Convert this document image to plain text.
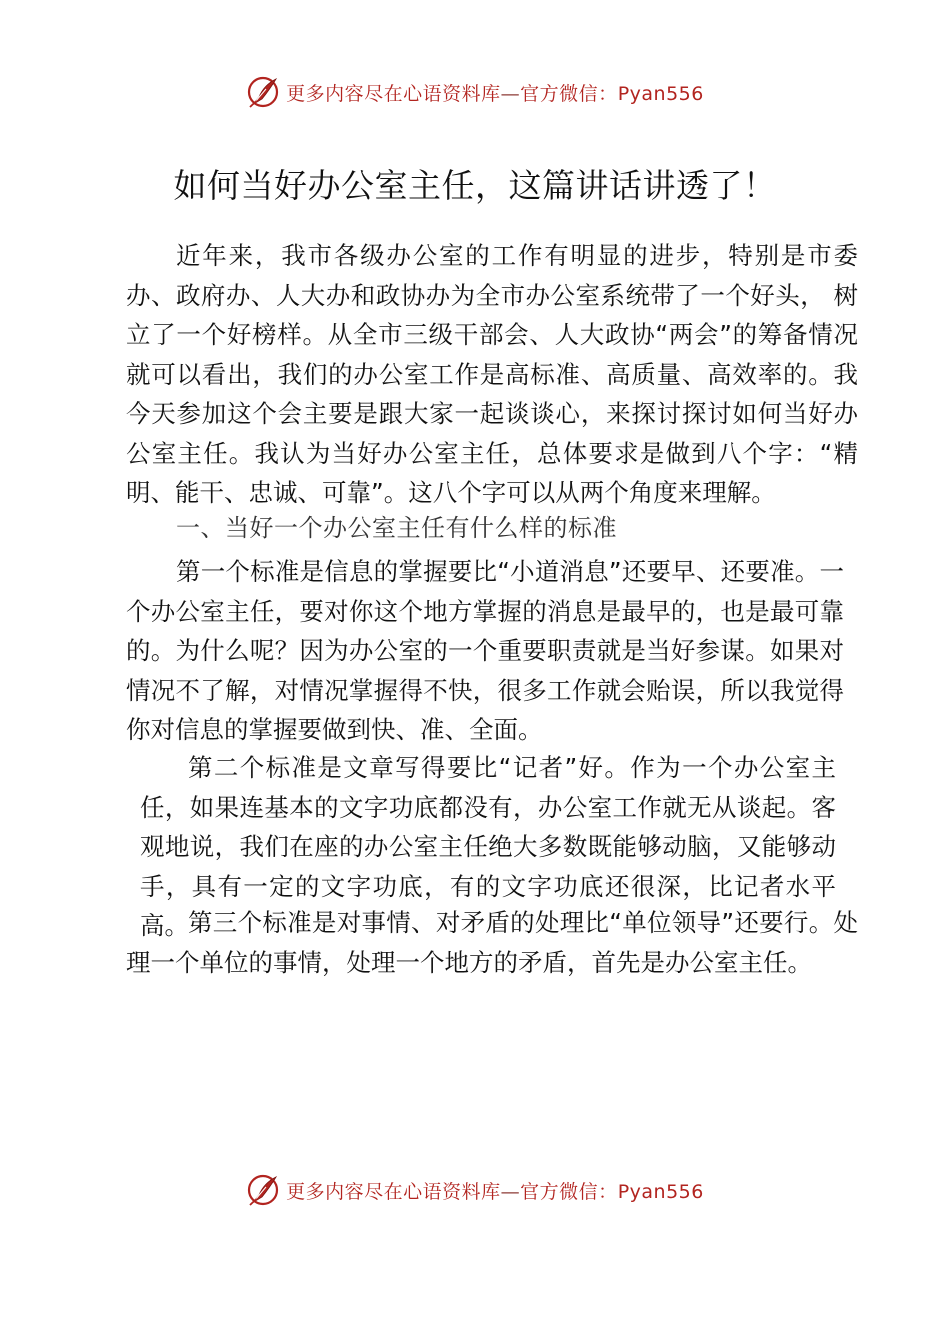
更多内容尽在心语资料库—官方微信：Pyan556
如何当好办公室主任，这篇讲话讲透了！

近年来，我市各级办公室的工作有明显的进步，特别是市委办、政府办、人大办和政协办为全市办公室系统带了一个好头， 树立了一个好榜样。从全市三级干部会、人大政协“两会”的筹备情况就可以看出，我们的办公室工作是高标准、高质量、高效率的。我今天参加这个会主要是跟大家一起谈谈心，来探讨探讨如何当好办公室主任。我认为当好办公室主任，总体要求是做到八个字：“精明、能干、忠诚、可靠”。这八个字可以从两个角度来理解。

一、当好一个办公室主任有什么样的标准

第一个标准是信息的掌握要比“小道消息”还要早、还要准。一个办公室主任，要对你这个地方掌握的消息是最早的，也是最可靠的。为什么呢？因为办公室的一个重要职责就是当好参谋。如果对情况不了解，对情况掌握得不快，很多工作就会贻误，所以我觉得你对信息的掌握要做到快、准、全面。

第二个标准是文章写得要比“记者”好。作为一个办公室主任，如果连基本的文字功底都没有，办公室工作就无从谈起。客观地说，我们在座的办公室主任绝大多数既能够动脑，又能够动手，具有一定的文字功底，有的文字功底还很深，比记者水平高。 第三个标准是对事情、对矛盾的处理比“单位领导”还要行。处理一个单位的事情，处理一个地方的矛盾，首先是办公室主任。

更多内容尽在心语资料库—官方微信：Pyan556
